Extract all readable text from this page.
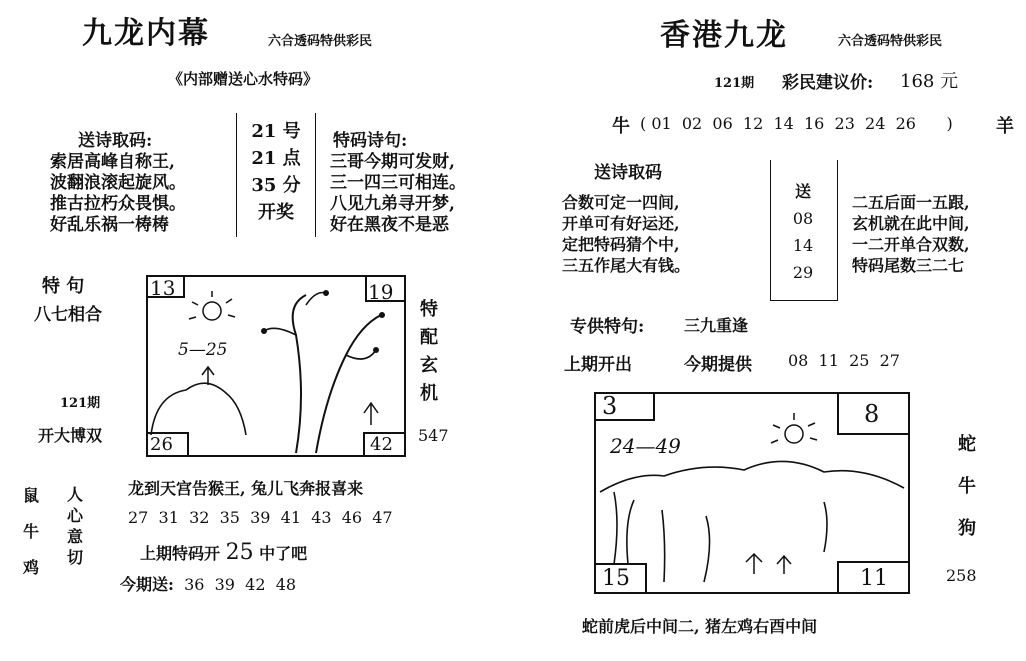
九龙内幕	六合透码特供彩民
《内部赠送心水特码》
送诗取码:
索居高峰自称王,
波翻浪滚起旋风。
推古拉朽众畏惧。
好乱乐祸一梼梼
21 号
21 点
35 分
开奖
特码诗句:
三哥今期可发财,
三一四三可相连。
八见九弟寻开梦,
好在黑夜不是恶
特 句
八七相合
121期
开大博双
13	19
26	42
5—25
特
配
玄
机
547
鼠
牛
鸡
人
心
意
切
龙到天宫告猴王, 兔儿飞奔报喜来
27  31  32  35  39  41  43  46  47
上期特码开 25 中了吧
今期送: 36  39  42  48
香港九龙	六合透码特供彩民
121期 彩民建议价: 168 元
牛 ( 01  02  06  12  14  16  23  24  26      ) 羊
送诗取码
合数可定一四间,
开单可有好运还,
定把特码猜个中,
三五作尾大有钱。
送
08
14
29
二五后面一五跟,
玄机就在此中间,
一二开单合双数,
特码尾数三二七
专供特句: 三九重逢
上期开出	今期提供 08  11  25  27
3	8
15	11
24—49	蛇
牛
狗
258
蛇前虎后中间二, 猪左鸡右酉中间
